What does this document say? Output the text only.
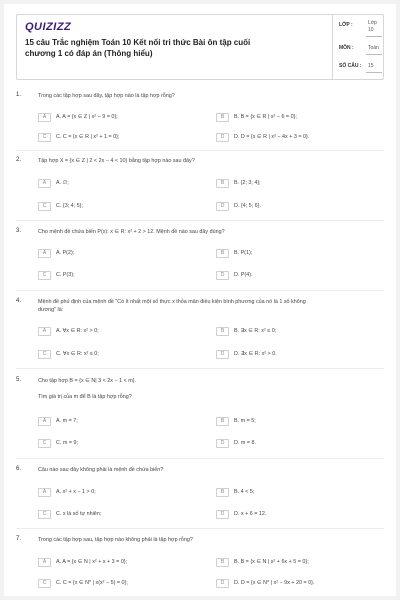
QUIZIZZ
15 câu Trắc nghiệm Toán 10 Kết nối tri thức Bài ôn tập cuối chương 1 có đáp án (Thông hiểu)
LỚP :	Lớp 10
MÔN :	Toán
SỐ CÂU : 15
1.	Trong các tập hợp sau đây, tập hợp nào là tập hợp rỗng?
A	A. A = {x ∈ Z | x² − 9 = 0};	B	B. B = {x ∈ R | x² − 6 = 0};
C	C. C = {x ∈ R | x² + 1 = 0};	D	D. D = {x ∈ R | x² − 4x + 3 = 0}.
2.	Tập hợp X = {x ∈ Z | 2 < 2x − 4 < 10} bằng tập hợp nào sau đây?
A	A. ∅;	B	B. {2; 3; 4};
C	C. {3; 4; 5};	D	D. {4; 5; 6}.
3.	Cho mệnh đề chứa biến P(x): x ∈ R: x² + 2 > 12. Mệnh đề nào sau đây đúng?
A	A. P(2);	B	B. P(1);
C	C. P(3);	D	D. P(4).
4.	Mệnh đề phủ định của mệnh đề "Có ít nhất một số thực x thỏa mãn điều kiện bình phương của nó là 1 số không
dương" là:
A	A. ∀x ∈ R: x² > 0;	B	B. ∃x ∈ R: x² ≤ 0;
C	C. ∀x ∈ R: x² ≤ 0;	D	D. ∃x ∈ R: x² > 0.
5.	Cho tập hợp B = {x ∈ N| 3 < 2x − 1 < m}.
Tìm giá trị của m để B là tập hợp rỗng?
A	A. m = 7;	B	B. m = 5;
C	C. m = 9;	D	D. m = 8.
6.	Câu nào sau đây không phải là mệnh đề chứa biến?
A	A. x² + x − 1 > 0;	B	B. 4 < 5;
C	C. x là số tự nhiên;	D	D. x + 6 = 12.
7.	Trong các tập hợp sau, tập hợp nào không phải là tập hợp rỗng?
A	A. A = {x ∈ N | x² + x + 3 = 0};	B	B. B = {x ∈ N | x² + 6x + 5 = 0};
C	C. C = {x ∈ N* | x(x² − 5) = 0};	D	D. D = {x ∈ N* | x² − 9x + 20 = 0}.
